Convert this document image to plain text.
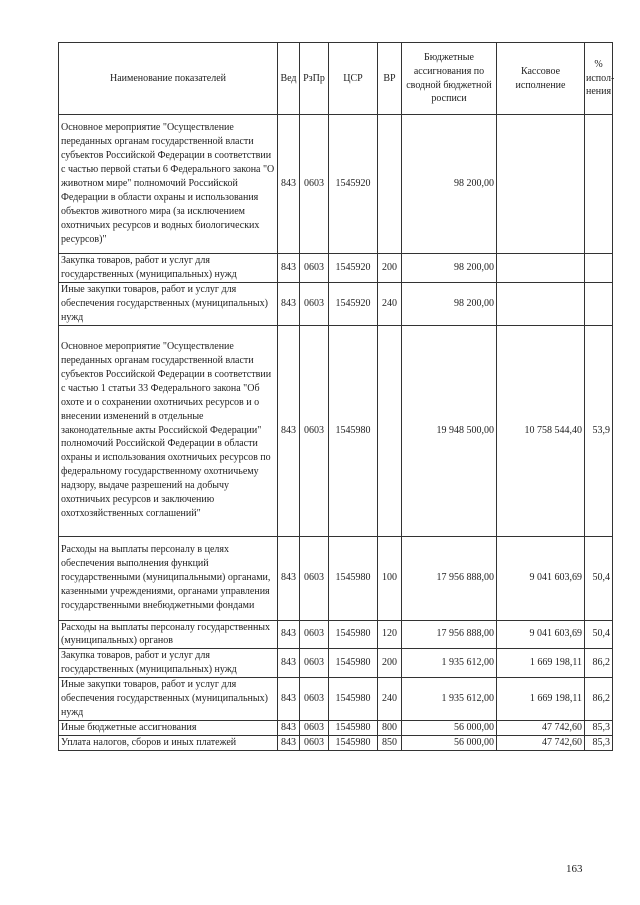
Наименование показателей	Вед	РзПр	ЦСР	ВР	Бюджетные ассигнования по сводной бюджетной росписи	Кассовое исполнение	% испол- нения
Основное мероприятие "Осуществление переданных органам государственной власти субъектов Российской Федерации в соответствии с частью первой статьи 6 Федерального закона "О животном мире" полномочий Российской Федерации в области охраны и использования объектов животного мира (за исключением охотничьих ресурсов и водных биологических ресурсов)"	843	0603	1545920		98 200,00		
Закупка товаров, работ и услуг для государственных (муниципальных) нужд	843	0603	1545920	200	98 200,00		
Иные закупки товаров, работ и услуг для обеспечения государственных (муниципальных) нужд	843	0603	1545920	240	98 200,00		
Основное мероприятие "Осуществление переданных органам государственной власти субъектов Российской Федерации в соответствии с частью 1 статьи 33 Федерального закона "Об охоте и о сохранении охотничьих ресурсов и о внесении изменений в отдельные законодательные акты Российской Федерации" полномочий Российской Федерации в области охраны и использования охотничьих ресурсов по федеральному государственному охотничьему надзору, выдаче разрешений на добычу охотничьих ресурсов и заключению охотхозяйственных соглашений"	843	0603	1545980		19 948 500,00	10 758 544,40	53,9
Расходы на выплаты персоналу в целях обеспечения выполнения функций государственными (муниципальными) органами, казенными учреждениями, органами управления государственными внебюджетными фондами	843	0603	1545980	100	17 956 888,00	9 041 603,69	50,4
Расходы на выплаты персоналу государственных (муниципальных) органов	843	0603	1545980	120	17 956 888,00	9 041 603,69	50,4
Закупка товаров, работ и услуг для государственных (муниципальных) нужд	843	0603	1545980	200	1 935 612,00	1 669 198,11	86,2
Иные закупки товаров, работ и услуг для обеспечения государственных (муниципальных) нужд	843	0603	1545980	240	1 935 612,00	1 669 198,11	86,2
Иные бюджетные ассигнования	843	0603	1545980	800	56 000,00	47 742,60	85,3
Уплата налогов, сборов и иных платежей	843	0603	1545980	850	56 000,00	47 742,60	85,3
163
